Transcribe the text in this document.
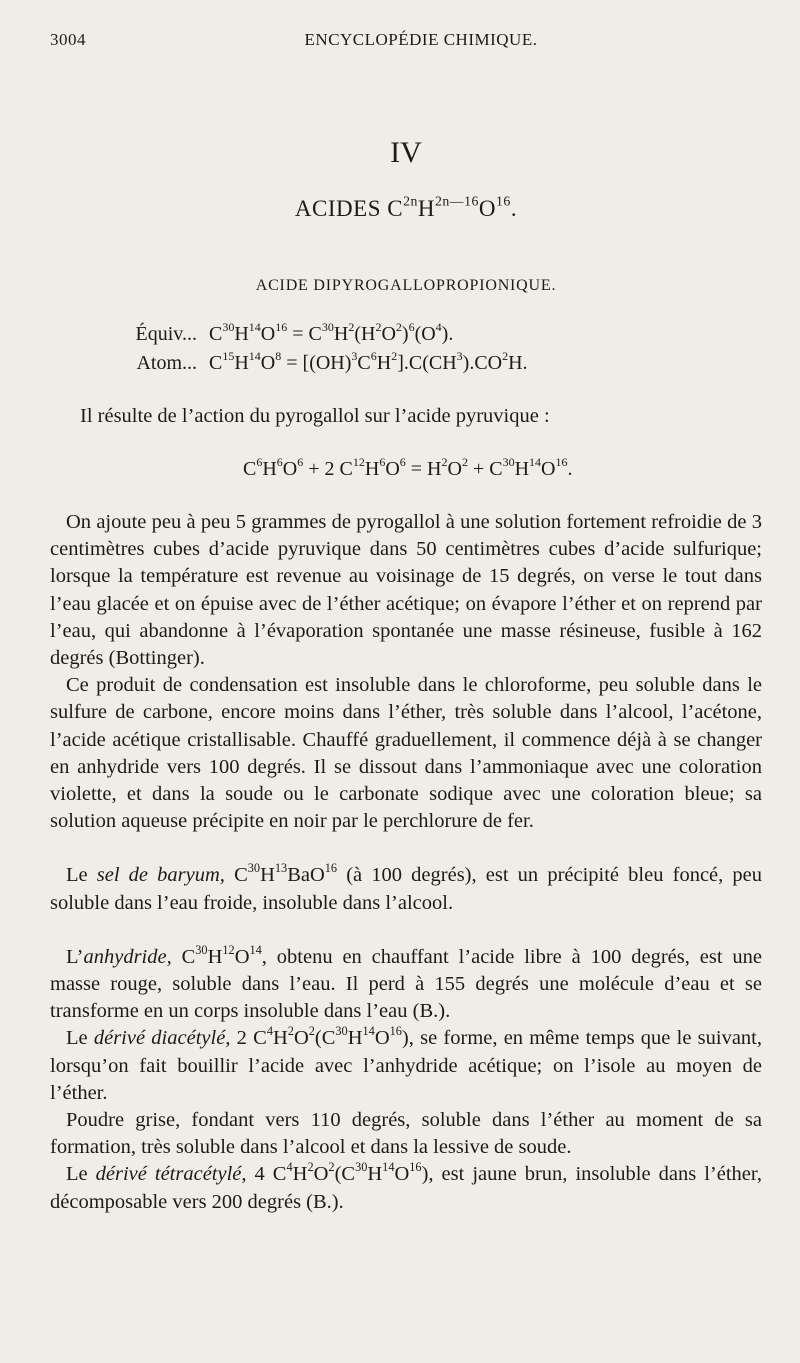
3004	ENCYCLOPÉDIE CHIMIQUE.
IV
ACIDES $C^{2n}H^{2n—16}O^{16}$.
ACIDE DIPYROGALLOPROPIONIQUE.
Équiv... $C^{30}H^{14}O^{16} = C^{30}H^2(H^2O^2)^6(O^4)$.
Atom... $C^{15}H^{14}O^8 = [(OH)^3C^6H^2].C(CH^3).CO^2H$.

Il résulte de l’action du pyrogallol sur l’acide pyruvique :

$C^6H^6O^6 + 2$ $C^{12}H^6O^6 = H^2O^2 + C^{30}H^{14}O^{16}$.

On ajoute peu à peu 5 grammes de pyrogallol à une solution fortement refroidie de 3 centimètres cubes d’acide pyruvique dans 50 centimètres cubes d’acide sulfurique; lorsque la température est revenue au voisinage de 15 degrés, on verse le tout dans l’eau glacée et on épuise avec de l’éther acétique; on évapore l’éther et on reprend par l’eau, qui abandonne à l’évaporation spontanée une masse résineuse, fusible à 162 degrés (Bottinger).

Ce produit de condensation est insoluble dans le chloroforme, peu soluble dans le sulfure de carbone, encore moins dans l’éther, très soluble dans l’alcool, l’acétone, l’acide acétique cristallisable. Chauffé graduellement, il commence déjà à se changer en anhydride vers 100 degrés. Il se dissout dans l’ammoniaque avec une coloration violette, et dans la soude ou le carbonate sodique avec une coloration bleue; sa solution aqueuse précipite en noir par le perchlorure de fer.

Le sel de baryum, $C^{30}H^{13}BaO^{16}$ (à 100 degrés), est un précipité bleu foncé, peu soluble dans l’eau froide, insoluble dans l’alcool.

L’anhydride, $C^{30}H^{12}O^{14}$, obtenu en chauffant l’acide libre à 100 degrés, est une masse rouge, soluble dans l’eau. Il perd à 155 degrés une molécule d’eau et se transforme en un corps insoluble dans l’eau (B.).

Le dérivé diacétylé, 2 $C^4H^2O^2(C^{30}H^{14}O^{16})$, se forme, en même temps que le suivant, lorsqu’on fait bouillir l’acide avec l’anhydride acétique; on l’isole au moyen de l’éther.

Poudre grise, fondant vers 110 degrés, soluble dans l’éther au moment de sa formation, très soluble dans l’alcool et dans la lessive de soude.

Le dérivé tétracétylé, 4 $C^4H^2O^2(C^{30}H^{14}O^{16})$, est jaune brun, insoluble dans l’éther, décomposable vers 200 degrés (B.).
